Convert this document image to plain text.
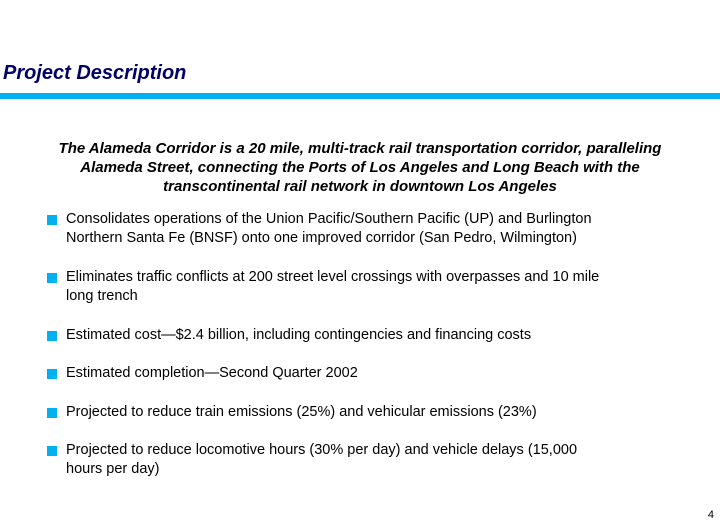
Project Description
The Alameda Corridor is a 20 mile, multi-track rail transportation corridor, paralleling Alameda Street, connecting the Ports of Los Angeles and Long Beach with the transcontinental rail network in downtown Los Angeles
Consolidates operations of the Union Pacific/Southern Pacific (UP) and Burlington
Northern Santa Fe (BNSF) onto one improved corridor (San Pedro, Wilmington)
Eliminates traffic conflicts at 200 street level crossings with overpasses and 10 mile
long trench
Estimated cost—$2.4 billion, including contingencies and financing costs
Estimated completion—Second Quarter 2002
Projected to reduce train emissions (25%) and vehicular emissions (23%)
Projected to reduce locomotive hours (30% per day) and vehicle delays (15,000
hours per day)
4
